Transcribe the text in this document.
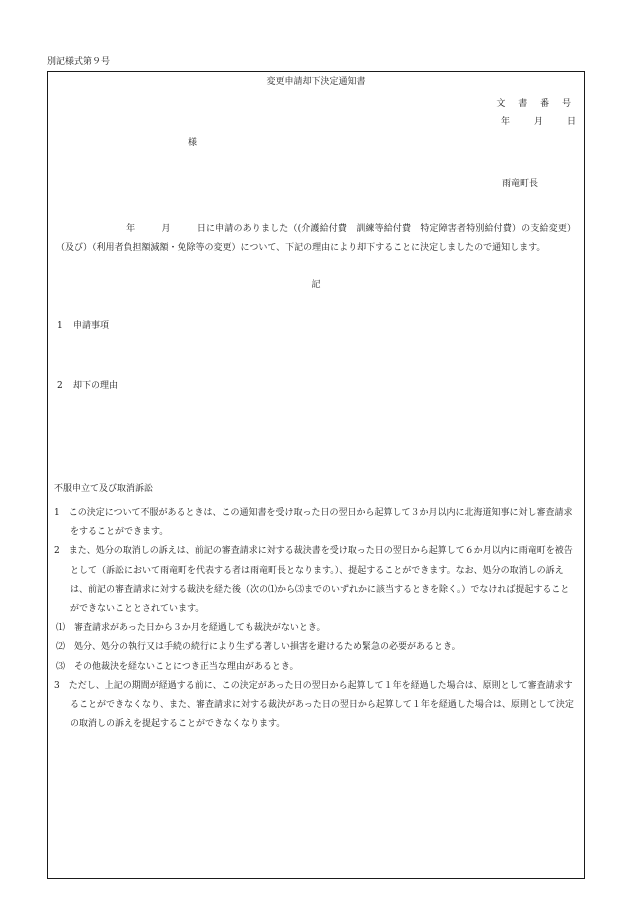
別記様式第９号
変更申請却下決定通知書
文 書 番 号
年	月	日
様
雨竜町長
年	月	日に申請のありました（(介護給付費　訓練等給付費　特定障害者特別給付費）の支給変更）（及び）（利用者負担額減額・免除等の変更）について、下記の理由により却下することに決定しましたので通知します。
記
1 申請事項
2 却下の理由
不服申立て及び取消訴訟
1　この決定について不服があるときは、この通知書を受け取った日の翌日から起算して３か月以内に北海道知事に対し審査請求をすることができます。
2　また、処分の取消しの訴えは、前記の審査請求に対する裁決書を受け取った日の翌日から起算して６か月以内に雨竜町を被告として（訴訟において雨竜町を代表する者は雨竜町長となります。）、提起することができます。なお、処分の取消しの訴えは、前記の審査請求に対する裁決を経た後（次の⑴から⑶までのいずれかに該当するときを除く。）でなければ提起することができないこととされています。
⑴　審査請求があった日から３か月を経過しても裁決がないとき。
⑵　処分、処分の執行又は手続の続行により生ずる著しい損害を避けるため緊急の必要があるとき。
⑶　その他裁決を経ないことにつき正当な理由があるとき。
3　ただし、上記の期間が経過する前に、この決定があった日の翌日から起算して１年を経過した場合は、原則として審査請求することができなくなり、また、審査請求に対する裁決があった日の翌日から起算して１年を経過した場合は、原則として決定の取消しの訴えを提起することができなくなります。
